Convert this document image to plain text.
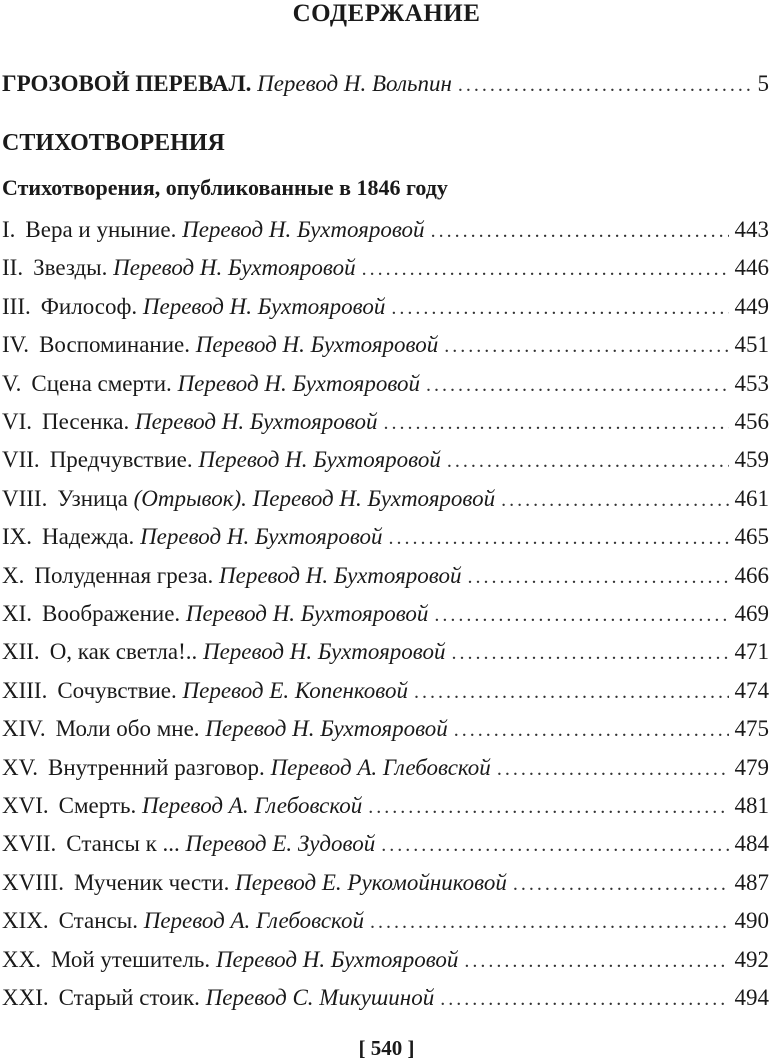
СОДЕРЖАНИЕ
ГРОЗОВОЙ ПЕРЕВАЛ. Перевод Н. Вольпин .....	5
СТИХОТВОРЕНИЯ
Стихотворения, опубликованные в 1846 году
I. Вера и уныние. Перевод Н. Бухтояровой .....	443
II. Звезды. Перевод Н. Бухтояровой .....	446
III. Философ. Перевод Н. Бухтояровой .....	449
IV. Воспоминание. Перевод Н. Бухтояровой .....	451
V. Сцена смерти. Перевод Н. Бухтояровой .....	453
VI. Песенка. Перевод Н. Бухтояровой .....	456
VII. Предчувствие. Перевод Н. Бухтояровой .....	459
VIII. Узница (Отрывок). Перевод Н. Бухтояровой .....	461
IX. Надежда. Перевод Н. Бухтояровой .....	465
X. Полуденная греза. Перевод Н. Бухтояровой .....	466
XI. Воображение. Перевод Н. Бухтояровой .....	469
XII. О, как светла!.. Перевод Н. Бухтояровой .....	471
XIII. Сочувствие. Перевод Е. Копенковой .....	474
XIV. Моли обо мне. Перевод Н. Бухтояровой .....	475
XV. Внутренний разговор. Перевод А. Глебовской .....	479
XVI. Смерть. Перевод А. Глебовской .....	481
XVII. Стансы к ... Перевод Е. Зудовой .....	484
XVIII. Мученик чести. Перевод Е. Рукомойниковой .....	487
XIX. Стансы. Перевод А. Глебовской .....	490
XX. Мой утешитель. Перевод Н. Бухтояровой .....	492
XXI. Старый стоик. Перевод С. Микушиной .....	494
[ 540 ]
